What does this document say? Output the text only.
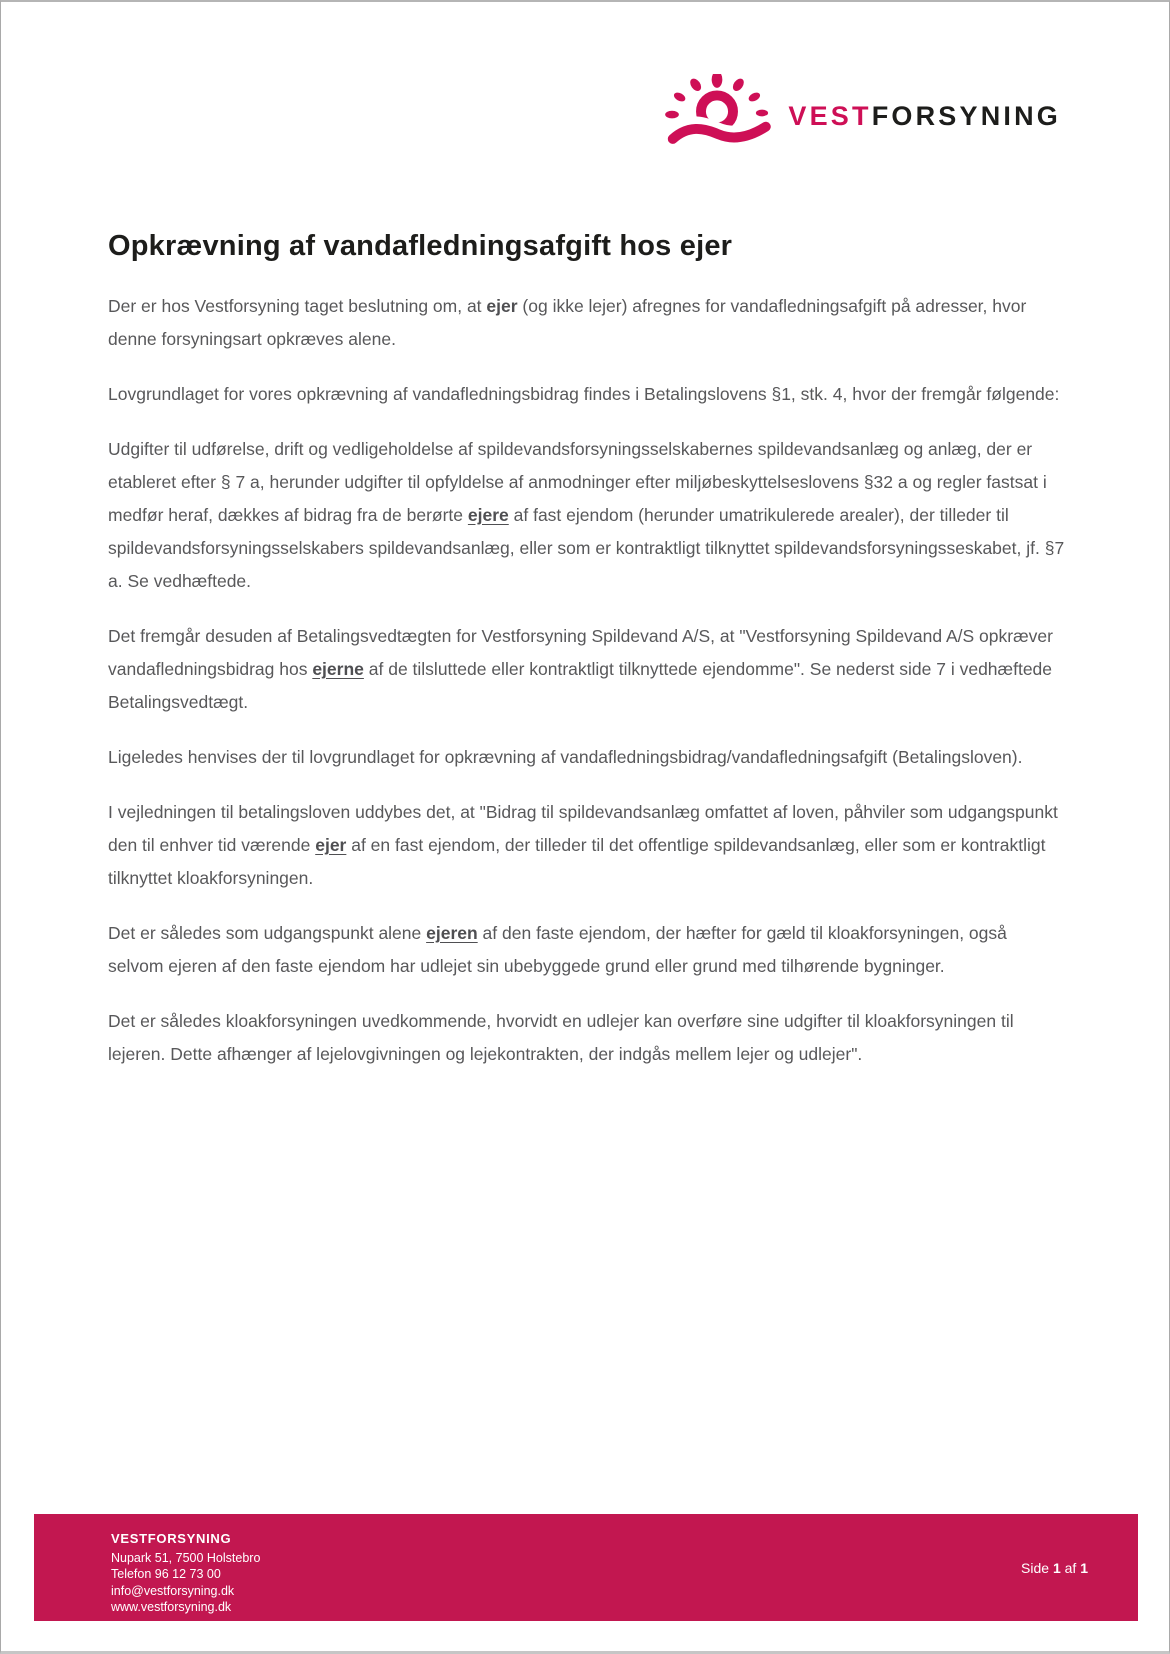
VESTFORSYNING
Opkrævning af vandafledningsafgift hos ejer

Der er hos Vestforsyning taget beslutning om, at ejer (og ikke lejer) afregnes for vandafledningsafgift på adresser, hvor denne forsyningsart opkræves alene.

Lovgrundlaget for vores opkrævning af vandafledningsbidrag findes i Betalingslovens §1, stk. 4, hvor der fremgår følgende:

Udgifter til udførelse, drift og vedligeholdelse af spildevandsforsyningsselskabernes spildevandsanlæg og anlæg, der er etableret efter § 7 a, herunder udgifter til opfyldelse af anmodninger efter miljøbeskyttelseslovens §32 a og regler fastsat i medfør heraf, dækkes af bidrag fra de berørte ejere af fast ejendom (herunder umatrikulerede arealer), der tilleder til spildevandsforsyningsselskabers spildevandsanlæg, eller som er kontraktligt tilknyttet spildevandsforsyningsseskabet, jf. §7 a. Se vedhæftede.

Det fremgår desuden af Betalingsvedtægten for Vestforsyning Spildevand A/S, at "Vestforsyning Spildevand A/S opkræver vandafledningsbidrag hos ejerne af de tilsluttede eller kontraktligt tilknyttede ejendomme". Se nederst side 7 i vedhæftede Betalingsvedtægt.

Ligeledes henvises der til lovgrundlaget for opkrævning af vandafledningsbidrag/vandafledningsafgift (Betalingsloven).

I vejledningen til betalingsloven uddybes det, at "Bidrag til spildevandsanlæg omfattet af loven, påhviler som udgangspunkt den til enhver tid værende ejer af en fast ejendom, der tilleder til det offentlige spildevandsanlæg, eller som er kontraktligt tilknyttet kloakforsyningen.

Det er således som udgangspunkt alene ejeren af den faste ejendom, der hæfter for gæld til kloakforsyningen, også selvom ejeren af den faste ejendom har udlejet sin ubebyggede grund eller grund med tilhørende bygninger.

Det er således kloakforsyningen uvedkommende, hvorvidt en udlejer kan overføre sine udgifter til kloakforsyningen til lejeren. Dette afhænger af lejelovgivningen og lejekontrakten, der indgås mellem lejer og udlejer".

VESTFORSYNING
Nupark 51, 7500 Holstebro
Telefon 96 12 73 00
info@vestforsyning.dk
www.vestforsyning.dk
Side 1 af 1
